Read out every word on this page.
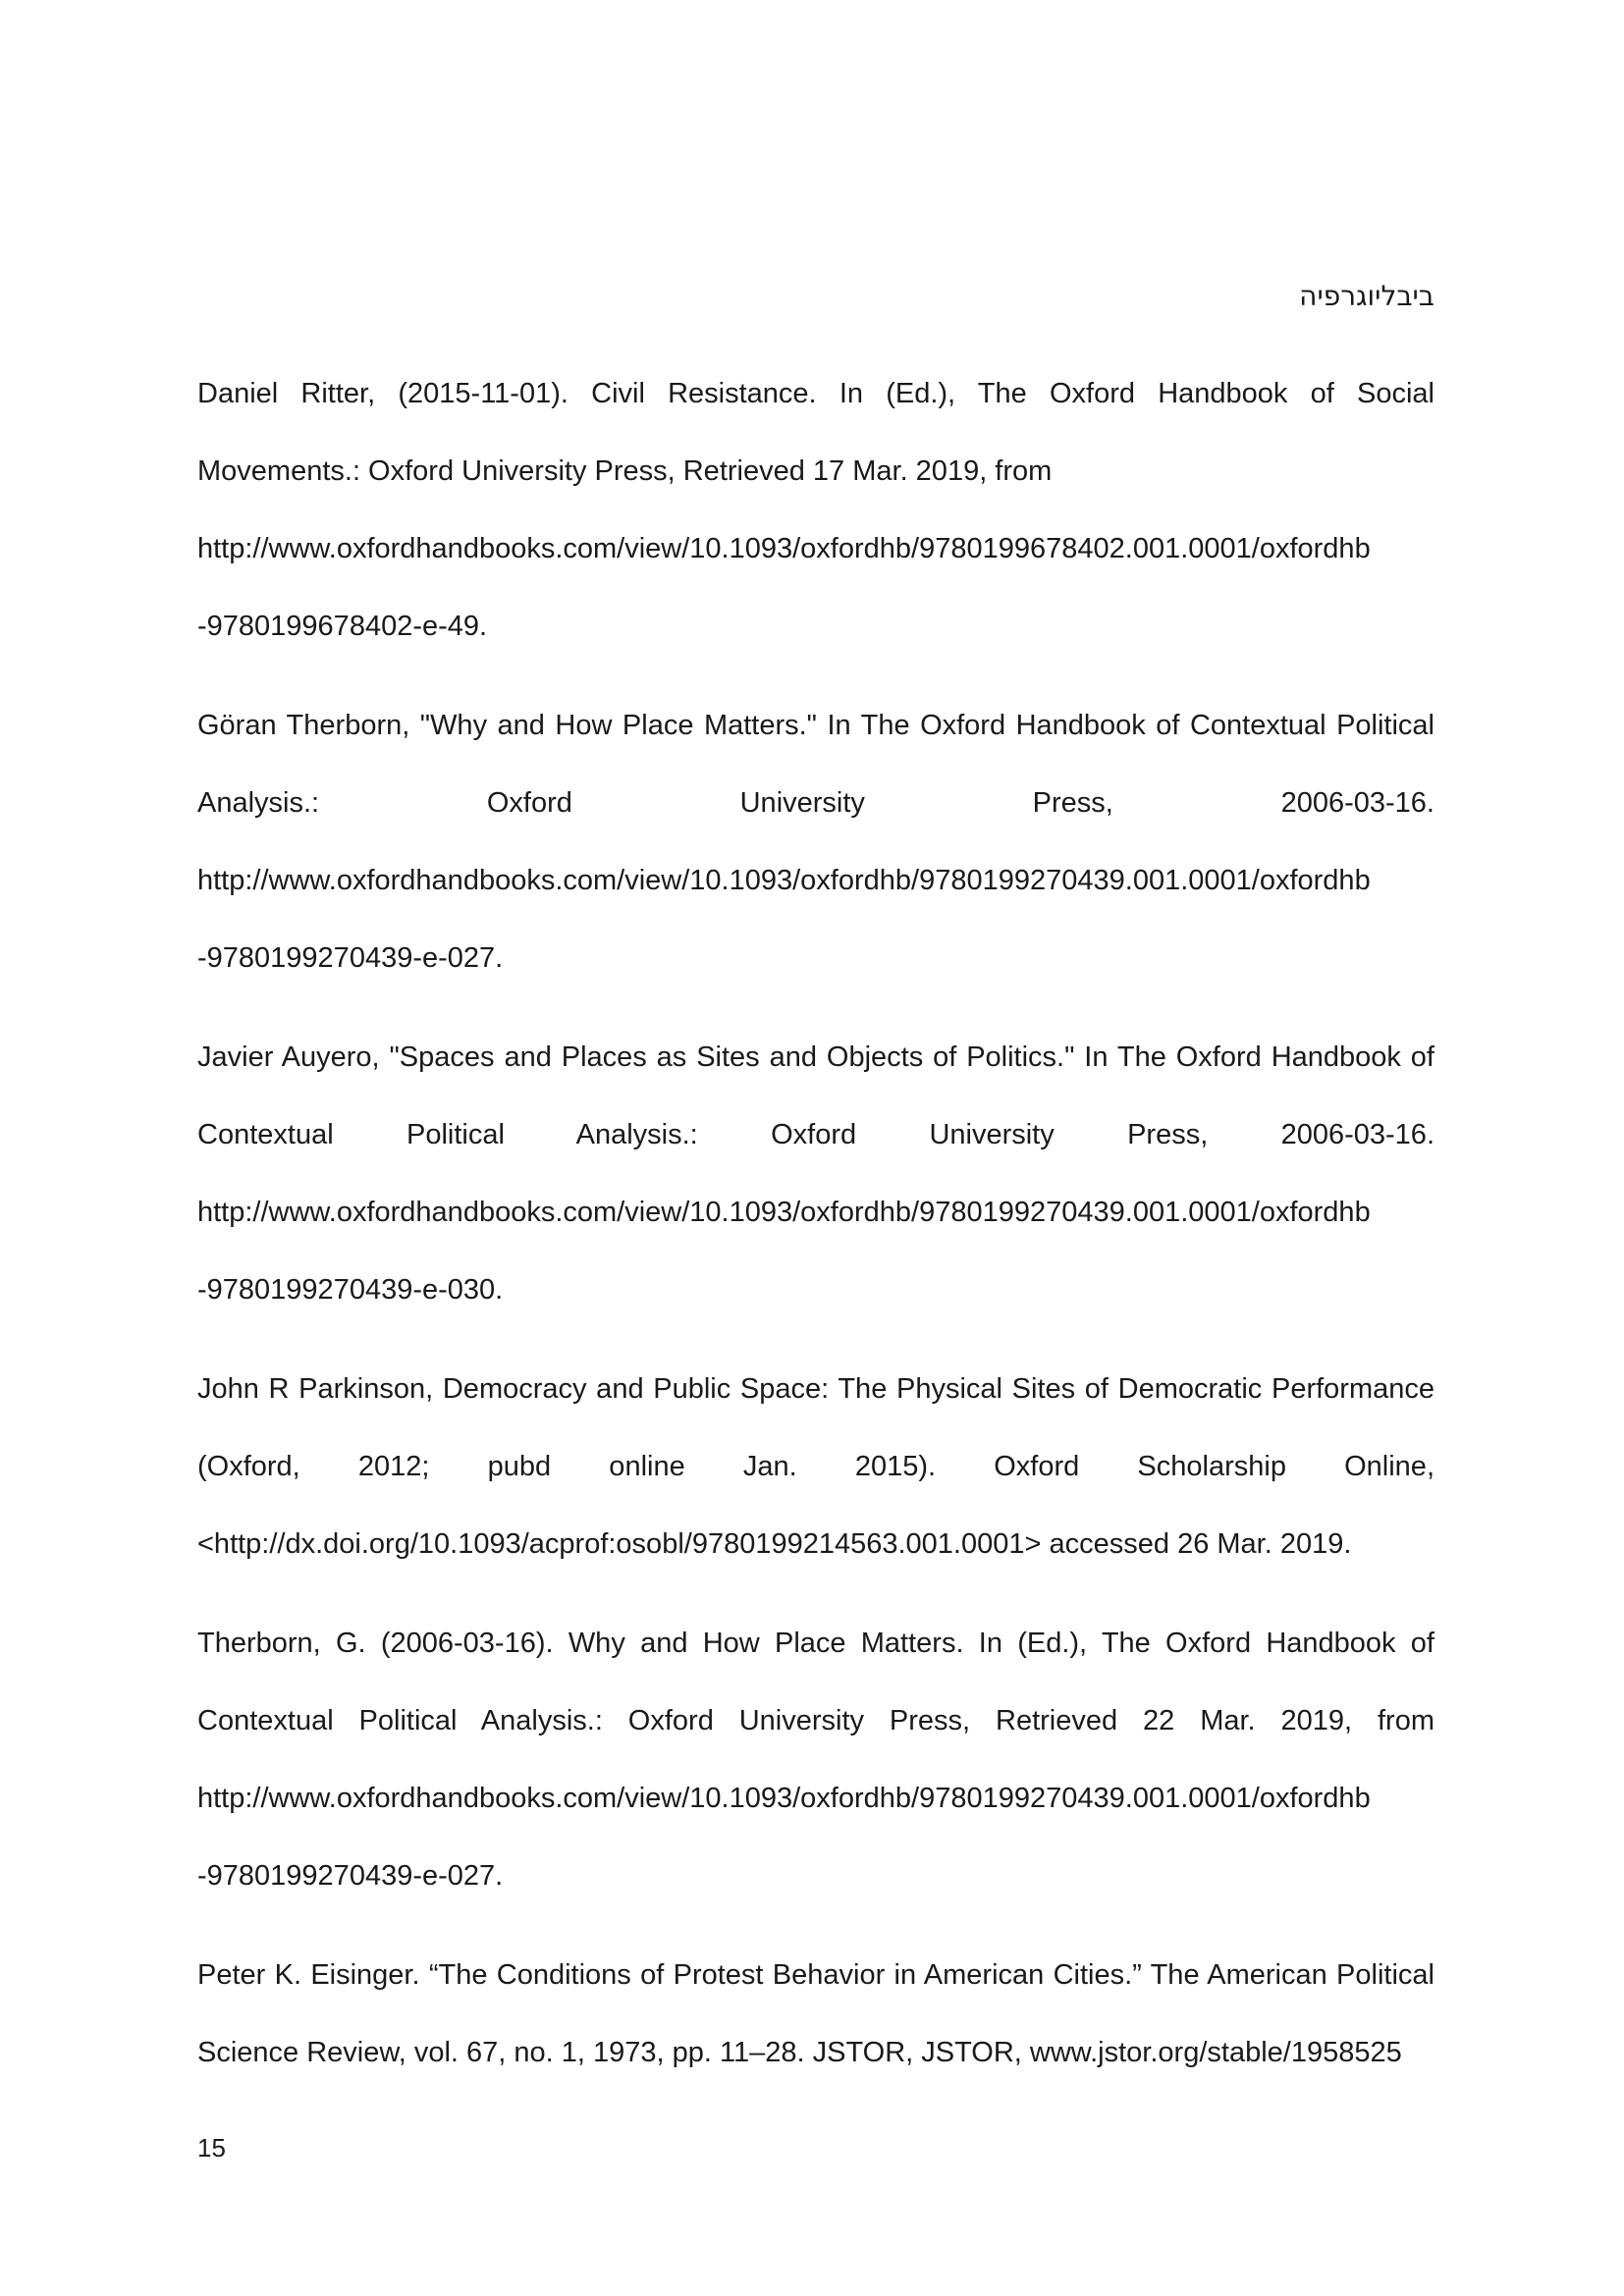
ביבליוגרפיה
Daniel Ritter, (2015-11-01). Civil Resistance. In (Ed.), The Oxford Handbook of Social
Movements.: Oxford University Press, Retrieved 17 Mar. 2019, from
http://www.oxfordhandbooks.com/view/10.1093/oxfordhb/9780199678402.001.0001/oxfordhb
-9780199678402-e-49.
Göran Therborn, "Why and How Place Matters." In The Oxford Handbook of Contextual Political
Analysis.: Oxford University Press, 2006-03-16.
http://www.oxfordhandbooks.com/view/10.1093/oxfordhb/9780199270439.001.0001/oxfordhb
-9780199270439-e-027.
Javier Auyero, "Spaces and Places as Sites and Objects of Politics." In The Oxford Handbook of
Contextual Political Analysis.: Oxford University Press, 2006-03-16.
http://www.oxfordhandbooks.com/view/10.1093/oxfordhb/9780199270439.001.0001/oxfordhb
-9780199270439-e-030.
John R Parkinson, Democracy and Public Space: The Physical Sites of Democratic Performance
(Oxford, 2012; pubd online Jan. 2015). Oxford Scholarship Online,
<http://dx.doi.org/10.1093/acprof:osobl/9780199214563.001.0001> accessed 26 Mar. 2019.
Therborn, G. (2006-03-16). Why and How Place Matters. In (Ed.), The Oxford Handbook of
Contextual Political Analysis.: Oxford University Press, Retrieved 22 Mar. 2019, from
http://www.oxfordhandbooks.com/view/10.1093/oxfordhb/9780199270439.001.0001/oxfordhb
-9780199270439-e-027.
Peter K. Eisinger. “The Conditions of Protest Behavior in American Cities.” The American Political
Science Review, vol. 67, no. 1, 1973, pp. 11–28. JSTOR, JSTOR, www.jstor.org/stable/1958525
15
